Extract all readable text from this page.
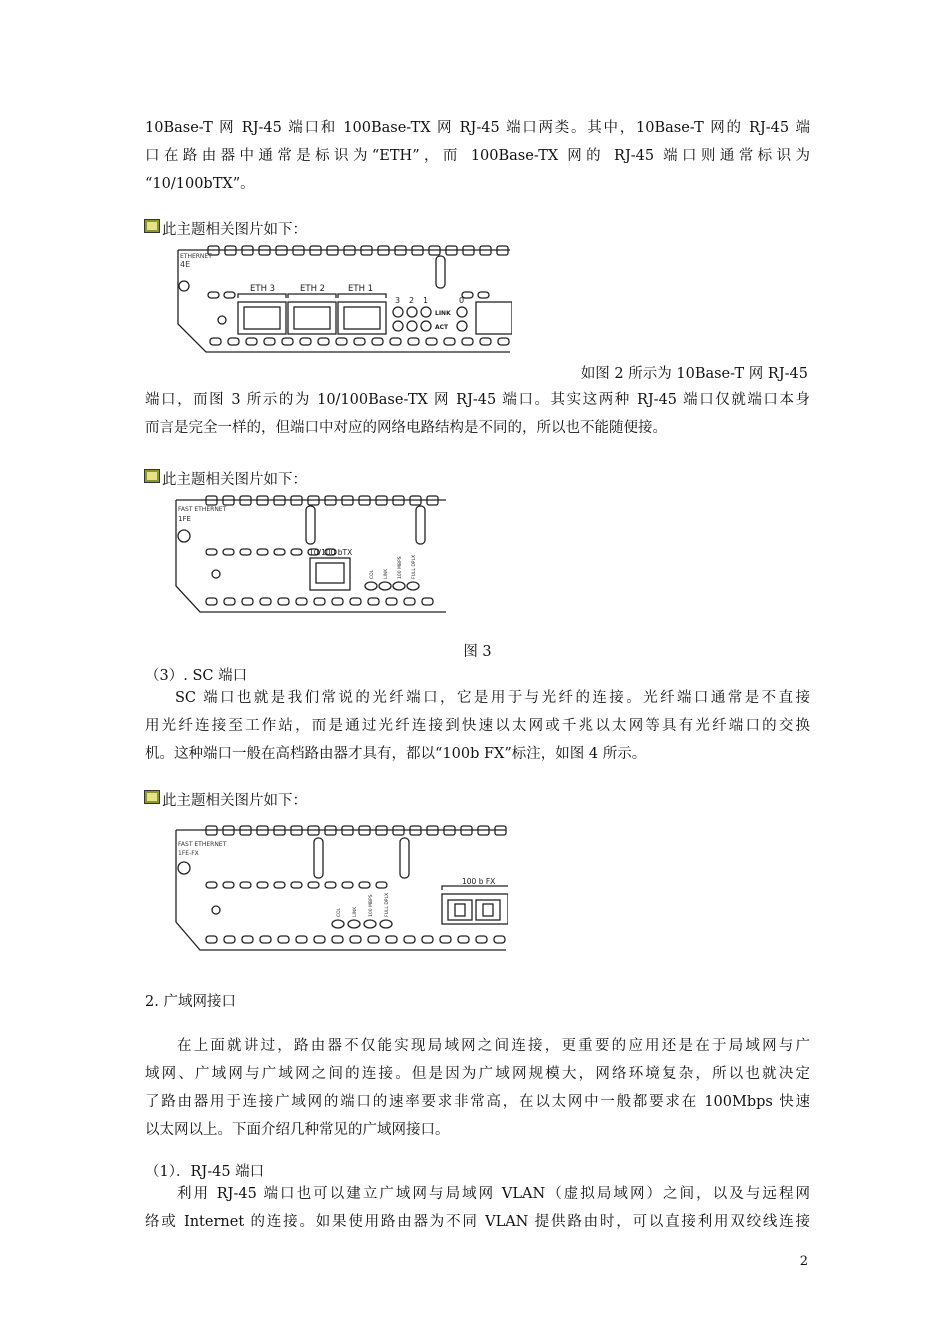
10Base-T 网 RJ-45 端口和 100Base-TX 网 RJ-45 端口两类。其中，10Base-T 网的 RJ-45 端
口在路由器中通常是标识为“ETH”，而 100Base-TX 网的 RJ-45 端口则通常标识为
“10/100bTX”。
此主题相关图片如下：
ETHERNET
4E
ETH 3	ETH 2	ETH 1
3 2 1	0
LINK
ACT
如图 2 所示为 10Base-T 网 RJ-45
端口，而图 3 所示的为 10/100Base-TX 网 RJ-45 端口。其实这两种 RJ-45 端口仅就端口本身
而言是完全一样的，但端口中对应的网络电路结构是不同的，所以也不能随便接。
此主题相关图片如下：
FAST ETHERNET
1FE
10/100 bTX
COL LINK 100 MBPS FULL DPLX
图 3
（3）. SC 端口
SC 端口也就是我们常说的光纤端口，它是用于与光纤的连接。光纤端口通常是不直接
用光纤连接至工作站，而是通过光纤连接到快速以太网或千兆以太网等具有光纤端口的交换
机。这种端口一般在高档路由器才具有，都以“100b FX”标注，如图 4 所示。
此主题相关图片如下：
FAST ETHERNET
1FE-FX
100 b FX
COL LINK 100 MBPS FULL DPLX
2. 广域网接口
在上面就讲过，路由器不仅能实现局域网之间连接，更重要的应用还是在于局域网与广
域网、广域网与广域网之间的连接。但是因为广域网规模大，网络环境复杂，所以也就决定
了路由器用于连接广域网的端口的速率要求非常高，在以太网中一般都要求在 100Mbps 快速
以太网以上。下面介绍几种常见的广域网接口。
（1）．RJ-45 端口
利用 RJ-45 端口也可以建立广域网与局域网 VLAN（虚拟局域网）之间，以及与远程网
络或 Internet 的连接。如果使用路由器为不同 VLAN 提供路由时，可以直接利用双绞线连接
2
